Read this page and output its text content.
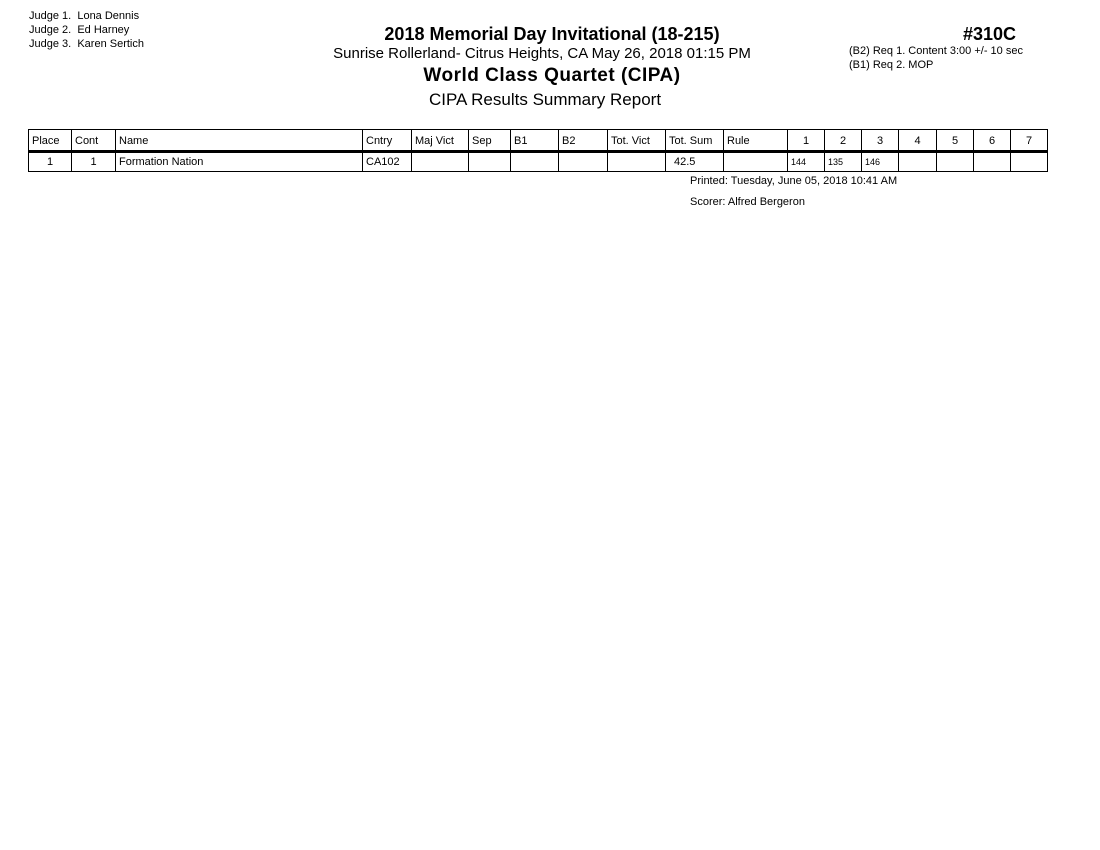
Judge 1. Lona Dennis
Judge 2. Ed Harney
Judge 3. Karen Sertich	2018 Memorial Day Invitational (18-215)
Sunrise Rollerland- Citrus Heights, CA May 26, 2018 01:15 PM
World Class Quartet (CIPA)
CIPA Results Summary Report
#310C
(B2) Req 1. Content 3:00 +/- 10 sec
(B1) Req 2. MOP
Place	Cont	Name	Cntry	Maj Vict	Sep	B1	B2	Tot. Vict	Tot. Sum	Rule	1	2	3	4	5	6	7
1	1	Formation Nation	CA102						42.5		144	135	146				
Printed: Tuesday, June 05, 2018 10:41 AM
Scorer: Alfred Bergeron
